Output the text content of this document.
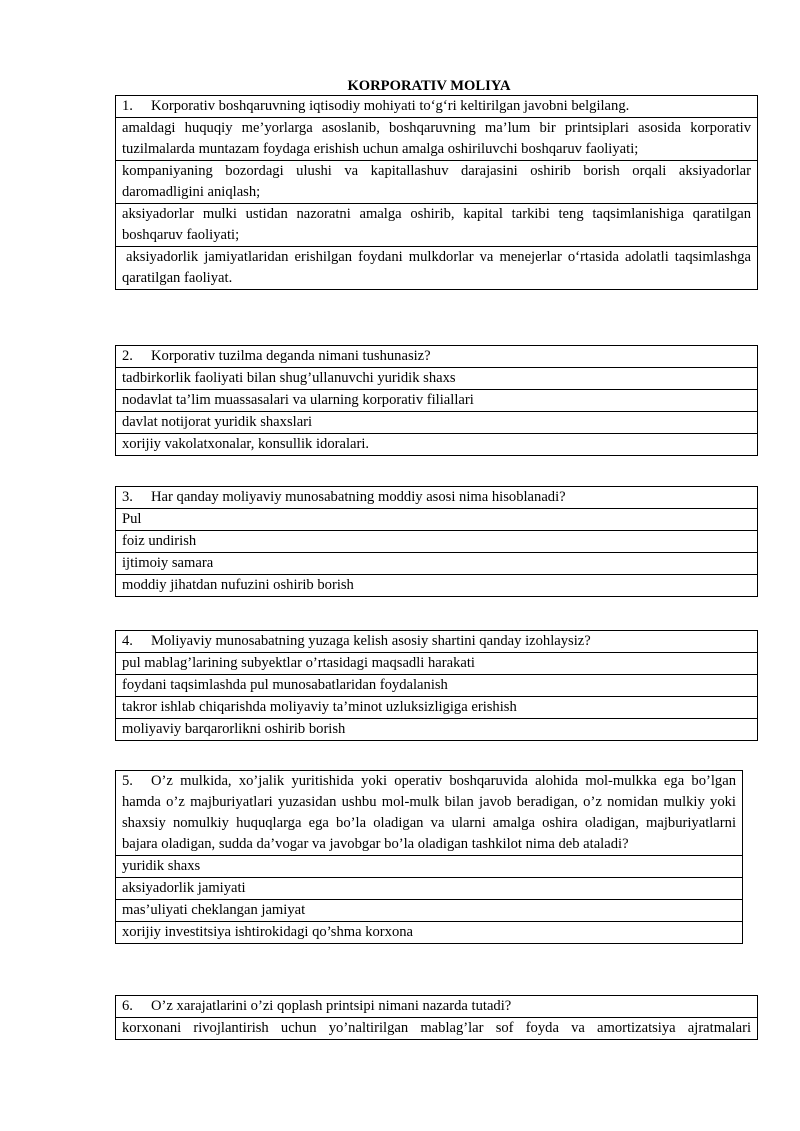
KORPORATIV MOLIYA
1. Korporativ boshqaruvning iqtisodiy mohiyati to‘g‘ri keltirilgan javobni belgilang.
amaldagi huquqiy me’yorlarga asoslanib, boshqaruvning ma’lum bir printsiplari asosida korporativ tuzilmalarda muntazam foydaga erishish uchun amalga oshiriluvchi boshqaruv faoliyati;
kompaniyaning bozordagi ulushi va kapitallashuv darajasini oshirib borish orqali aksiyadorlar daromadligini aniqlash;
aksiyadorlar mulki ustidan nazoratni amalga oshirib, kapital tarkibi teng taqsimlanishiga qaratilgan boshqaruv faoliyati;
aksiyadorlik jamiyatlaridan erishilgan foydani mulkdorlar va menejerlar o‘rtasida adolatli taqsimlashga qaratilgan faoliyat.
2. Korporativ tuzilma deganda nimani tushunasiz?
tadbirkorlik faoliyati bilan shug’ullanuvchi yuridik shaxs
nodavlat ta’lim muassasalari va ularning korporativ filiallari
davlat notijorat yuridik shaxslari
xorijiy vakolatxonalar, konsullik idoralari.
3. Har qanday moliyaviy munosabatning moddiy asosi nima hisoblanadi?
Pul
foiz undirish
ijtimoiy samara
moddiy jihatdan nufuzini oshirib borish
4. Moliyaviy munosabatning yuzaga kelish asosiy shartini qanday izohlaysiz?
pul mablag’larining subyektlar o’rtasidagi maqsadli harakati
foydani taqsimlashda pul munosabatlaridan foydalanish
takror ishlab chiqarishda moliyaviy ta’minot uzluksizligiga erishish
moliyaviy barqarorlikni oshirib borish
5. O’z mulkida, xo’jalik yuritishida yoki operativ boshqaruvida alohida mol-mulkka ega bo’lgan hamda o’z majburiyatlari yuzasidan ushbu mol-mulk bilan javob beradigan, o’z nomidan mulkiy yoki shaxsiy nomulkiy huquqlarga ega bo’la oladigan va ularni amalga oshira oladigan, majburiyatlarni bajara oladigan, sudda da’vogar va javobgar bo’la oladigan tashkilot nima deb ataladi?
yuridik shaxs
aksiyadorlik jamiyati
mas’uliyati cheklangan jamiyat
xorijiy investitsiya ishtirokidagi qo’shma korxona
6. O’z xarajatlarini o’zi qoplash printsipi nimani nazarda tutadi?
korxonani rivojlantirish uchun yo’naltirilgan mablag’lar sof foyda va amortizatsiya ajratmalari
